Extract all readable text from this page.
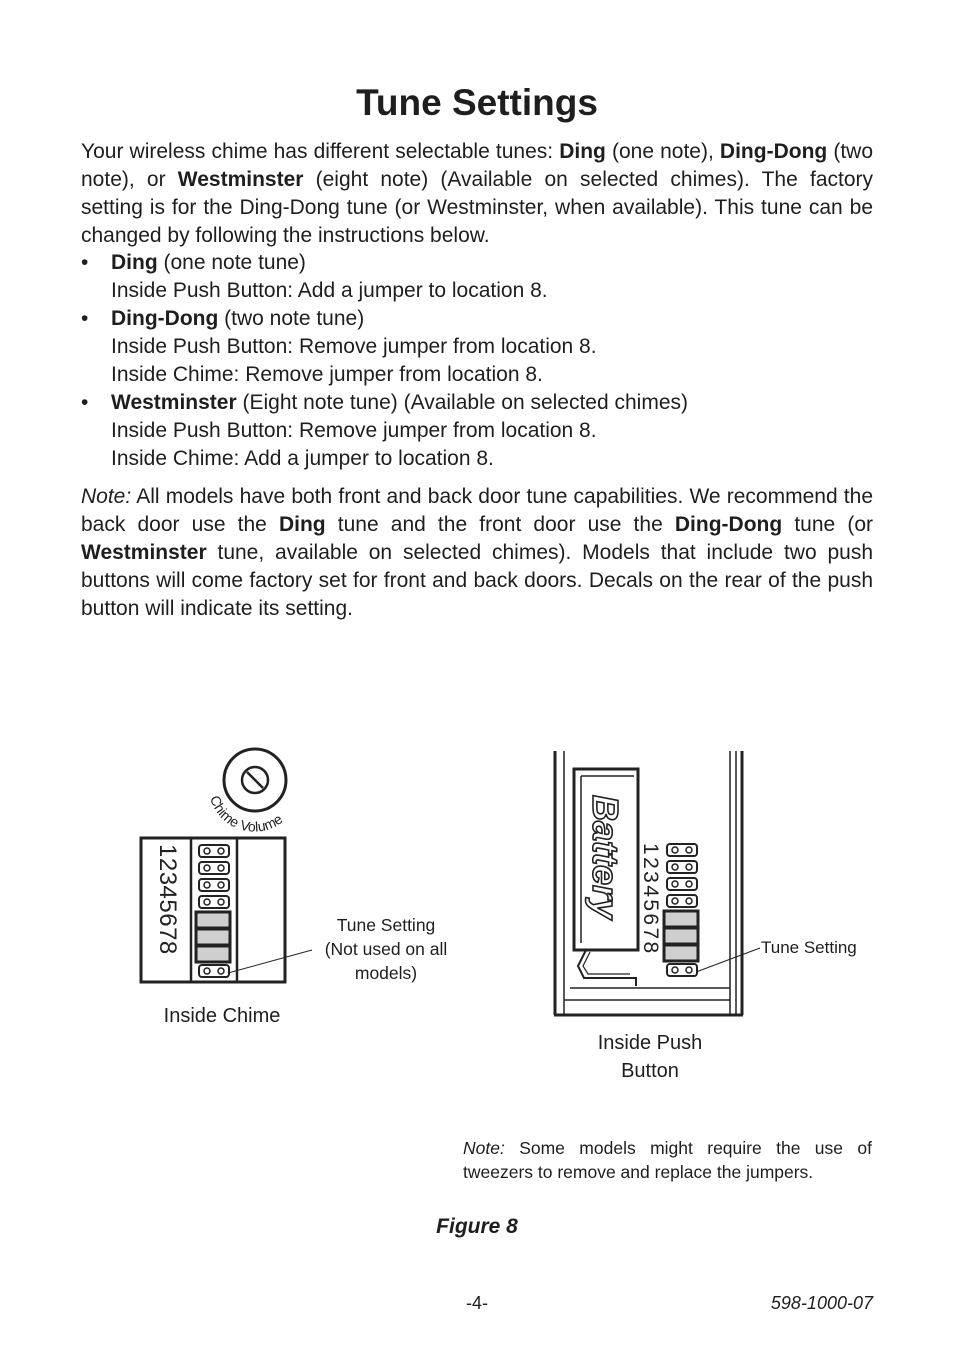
Tune Settings
Your wireless chime has different selectable tunes: Ding (one note), Ding-Dong (two note), or Westminster (eight note) (Available on selected chimes). The factory setting is for the Ding-Dong tune (or Westminster, when available). This tune can be changed by following the instructions below.
• Ding (one note tune)
Inside Push Button: Add a jumper to location 8.
• Ding-Dong (two note tune)
Inside Push Button: Remove jumper from location 8.
Inside Chime: Remove jumper from location 8.
• Westminster (Eight note tune) (Available on selected chimes)
Inside Push Button: Remove jumper from location 8.
Inside Chime: Add a jumper to location 8.
Note: All models have both front and back door tune capabilities. We recommend the back door use the Ding tune and the front door use the Ding-Dong tune (or Westminster tune, available on selected chimes). Models that include two push buttons will come factory set for front and back doors. Decals on the rear of the push button will indicate its setting.
Chime Volume
12345678	Battery 12345678
Tune Setting
(Not used on all
models)
Inside Chime
Tune Setting
Inside Push
Button
Note: Some models might require the use of tweezers to remove and replace the jumpers.
Figure 8
-4-	598-1000-07
